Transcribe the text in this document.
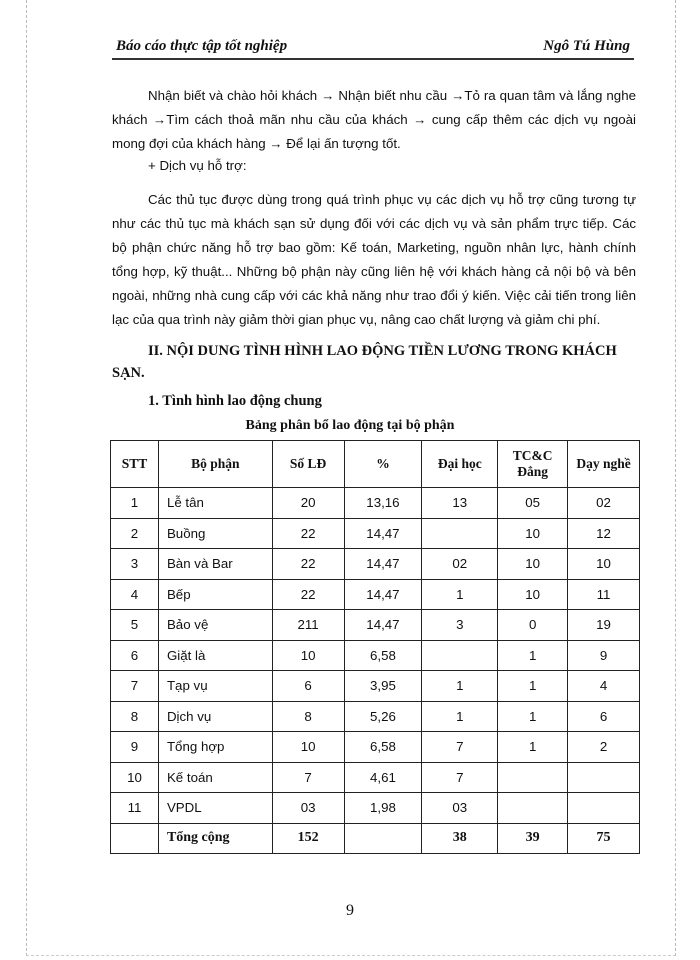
Báo cáo thực tập tốt nghiệp	Ngô Tú Hùng
Nhận biết và chào hỏi khách → Nhận biết nhu cầu →Tỏ ra quan tâm và lắng nghe khách →Tìm cách thoả mãn nhu cầu của khách → cung cấp thêm các dịch vụ ngoài mong đợi của khách hàng → Để lại ấn tượng tốt.
+ Dịch vụ hỗ trợ:
Các thủ tục được dùng trong quá trình phục vụ các dịch vụ hỗ trợ cũng tương tự như các thủ tục mà khách sạn sử dụng đối với các dịch vụ và sản phẩm trực tiếp. Các bộ phận chức năng hỗ trợ bao gồm: Kế toán, Marketing, nguồn nhân lực, hành chính tổng hợp, kỹ thuật... Những bộ phận này cũng liên hệ với khách hàng cả nội bộ và bên ngoài, những nhà cung cấp với các khả năng như trao đổi ý kiến. Việc cải tiến trong liên lạc của qua trình này giảm thời gian phục vụ, nâng cao chất lượng và giảm chi phí.
II. NỘI DUNG TÌNH HÌNH LAO ĐỘNG TIỀN LƯƠNG TRONG KHÁCH SẠN.
1. Tình hình lao động chung
Bảng phân bổ lao động tại bộ phận
STT	Bộ phận	Số LĐ	%	Đại học	TC&C Đẳng	Dạy nghề
1	Lễ tân	20	13,16	13	05	02
2	Buồng	22	14,47		10	12
3	Bàn và Bar	22	14,47	02	10	10
4	Bếp	22	14,47	1	10	11
5	Bảo vệ	211	14,47	3	0	19
6	Giặt là	10	6,58		1	9
7	Tạp vụ	6	3,95	1	1	4
8	Dịch vụ	8	5,26	1	1	6
9	Tổng hợp	10	6,58	7	1	2
10	Kế toán	7	4,61	7		
11	VPDL	03	1,98	03		
	Tổng cộng	152		38	39	75
9
